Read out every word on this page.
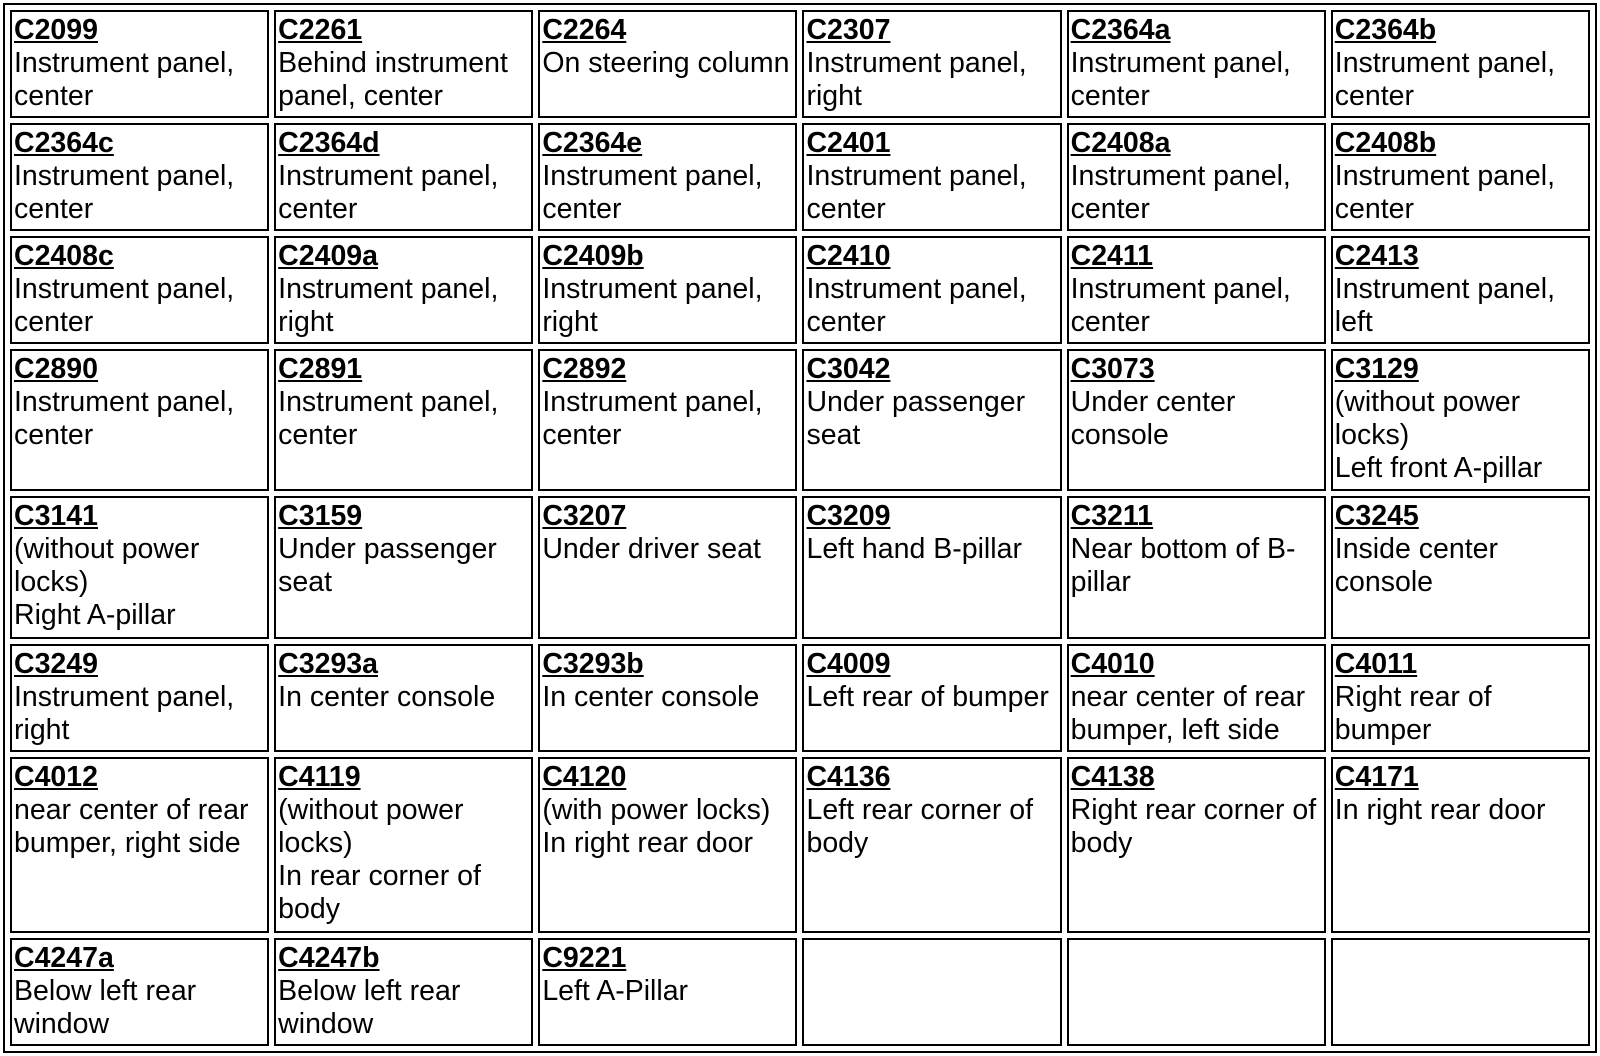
C2099
Instrument panel,
center	C2261
Behind instrument
panel, center	C2264
On steering column	C2307
Instrument panel,
right	C2364a
Instrument panel,
center	C2364b
Instrument panel,
center

C2364c
Instrument panel,
center	C2364d
Instrument panel,
center	C2364e
Instrument panel,
center	C2401
Instrument panel,
center	C2408a
Instrument panel,
center	C2408b
Instrument panel,
center

C2408c
Instrument panel,
center	C2409a
Instrument panel,
right	C2409b
Instrument panel,
right	C2410
Instrument panel,
center	C2411
Instrument panel,
center	C2413
Instrument panel,
left

C2890
Instrument panel,
center	C2891
Instrument panel,
center	C2892
Instrument panel,
center	C3042
Under passenger
seat	C3073
Under center
console	C3129
(without power
locks)
Left front A-pillar

C3141
(without power
locks)
Right A-pillar	C3159
Under passenger
seat	C3207
Under driver seat	C3209
Left hand B-pillar	C3211
Near bottom of B-
pillar	C3245
Inside center
console

C3249
Instrument panel,
right	C3293a
In center console	C3293b
In center console	C4009
Left rear of bumper	C4010
near center of rear
bumper, left side	C4011
Right rear of
bumper

C4012
near center of rear
bumper, right side	C4119
(without power
locks)
In rear corner of
body	C4120
(with power locks)
In right rear door	C4136
Left rear corner of
body	C4138
Right rear corner of
body	C4171
In right rear door

C4247a
Below left rear
window	C4247b
Below left rear
window	C9221
Left A-Pillar			
